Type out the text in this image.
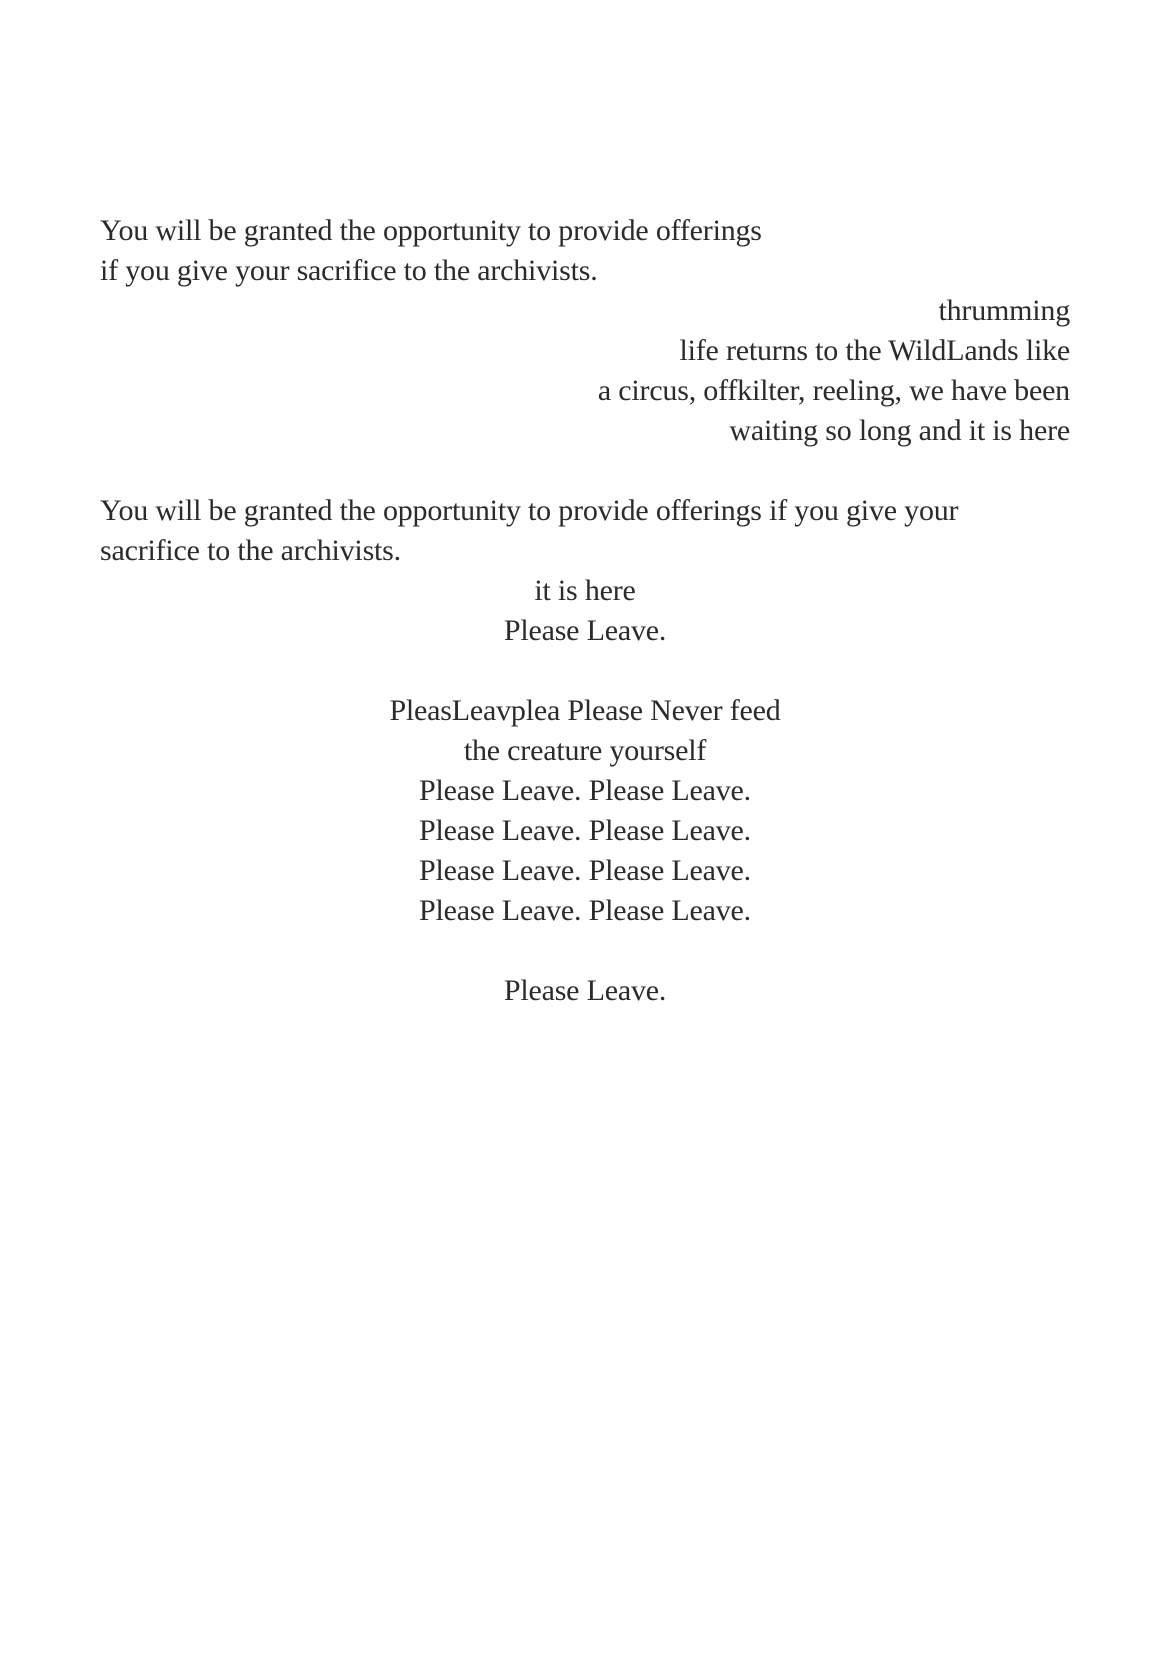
You will be granted the opportunity to provide offerings
if you give your sacrifice to the archivists.
thrumming
life returns to the WildLands like
a circus, offkilter, reeling, we have been
waiting so long and it is here
You will be granted the opportunity to provide offerings if you give your
sacrifice to the archivists.
it is here
Please Leave.
PleasLeavplea Please Never feed
the creature yourself
Please Leave. Please Leave.
Please Leave. Please Leave.
Please Leave. Please Leave.
Please Leave. Please Leave.
Please Leave.
